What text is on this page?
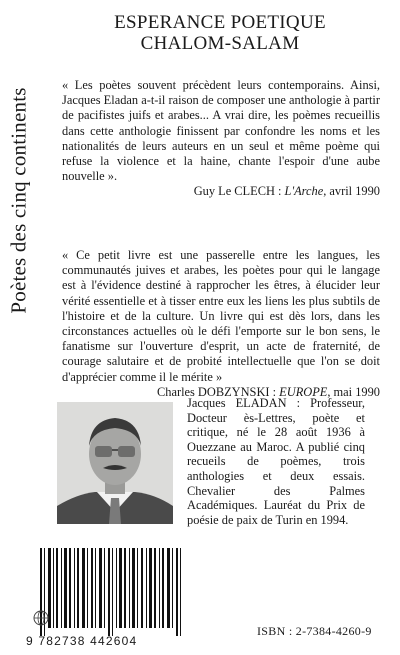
Poètes des cinq continents
ESPERANCE POETIQUE
CHALOM-SALAM
« Les poètes souvent précèdent leurs contemporains. Ainsi, Jacques Eladan a-t-il raison de composer une anthologie à partir de pacifistes juifs et arabes... A vrai dire, les poèmes recueillis dans cette anthologie finissent par confondre les noms et les nationalités de leurs auteurs en un seul et même poème qui refuse la violence et la haine, chante l'espoir d'une aube nouvelle ».
Guy Le CLECH : L'Arche, avril 1990
« Ce petit livre est une passerelle entre les langues, les communautés juives et arabes, les poètes pour qui le langage est à l'évidence destiné à rapprocher les êtres, à élucider leur vérité essentielle et à tisser entre eux les liens les plus subtils de l'histoire et de la culture. Un livre qui est dès lors, dans les circonstances actuelles où le défi l'emporte sur le bon sens, le fanatisme sur l'ouverture d'esprit, un acte de fraternité, de courage salutaire et de probité intellectuelle que l'on se doit d'apprécier comme il le mérite »
Charles DOBZYNSKI : EUROPE, mai 1990
Jacques ELADAN : Professeur, Docteur ès-Lettres, poète et critique, né le 28 août 1936 à Ouezzane au Maroc. A publié cinq recueils de poèmes, trois anthologies et deux essais. Chevalier des Palmes Académiques. Lauréat du Prix de poésie de paix de Turin en 1994.
9 782738 442604
ISBN : 2-7384-4260-9
